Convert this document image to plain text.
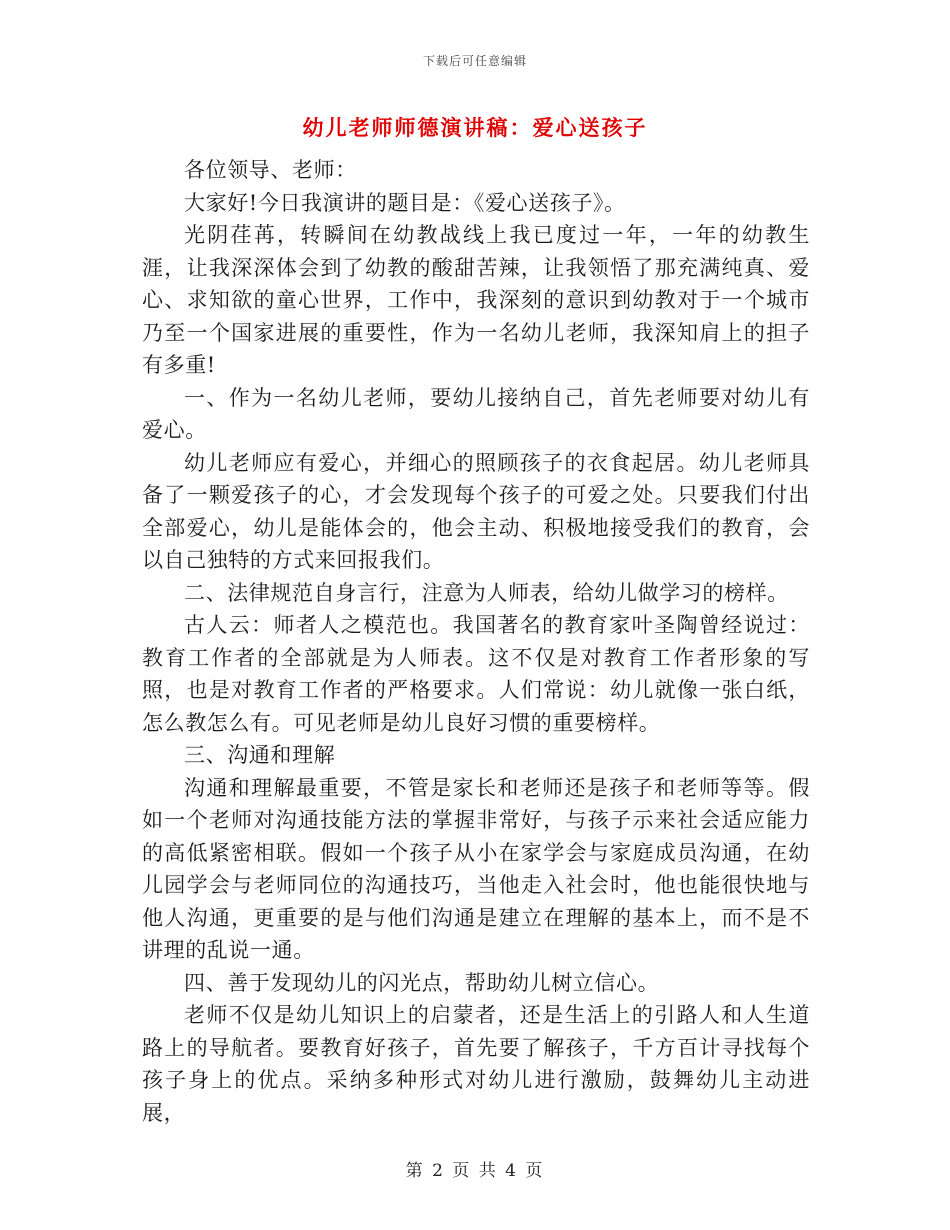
下载后可任意编辑
幼儿老师师德演讲稿：爱心送孩子

各位领导、老师：

大家好!今日我演讲的题目是：《爱心送孩子》。

光阴荏苒，转瞬间在幼教战线上我已度过一年，一年的幼教生涯，让我深深体会到了幼教的酸甜苦辣，让我领悟了那充满纯真、爱心、求知欲的童心世界，工作中，我深刻的意识到幼教对于一个城市乃至一个国家进展的重要性，作为一名幼儿老师，我深知肩上的担子有多重!

一、作为一名幼儿老师，要幼儿接纳自己，首先老师要对幼儿有爱心。

幼儿老师应有爱心，并细心的照顾孩子的衣食起居。幼儿老师具备了一颗爱孩子的心，才会发现每个孩子的可爱之处。只要我们付出全部爱心，幼儿是能体会的，他会主动、积极地接受我们的教育，会以自己独特的方式来回报我们。

二、法律规范自身言行，注意为人师表，给幼儿做学习的榜样。

古人云：师者人之模范也。我国著名的教育家叶圣陶曾经说过：教育工作者的全部就是为人师表。这不仅是对教育工作者形象的写照，也是对教育工作者的严格要求。人们常说：幼儿就像一张白纸，怎么教怎么有。可见老师是幼儿良好习惯的重要榜样。

三、沟通和理解

沟通和理解最重要，不管是家长和老师还是孩子和老师等等。假如一个老师对沟通技能方法的掌握非常好，与孩子示来社会适应能力的高低紧密相联。假如一个孩子从小在家学会与家庭成员沟通，在幼儿园学会与老师同位的沟通技巧，当他走入社会时，他也能很快地与他人沟通，更重要的是与他们沟通是建立在理解的基本上，而不是不讲理的乱说一通。

四、善于发现幼儿的闪光点，帮助幼儿树立信心。

老师不仅是幼儿知识上的启蒙者，还是生活上的引路人和人生道路上的导航者。要教育好孩子，首先要了解孩子，千方百计寻找每个孩子身上的优点。采纳多种形式对幼儿进行激励，鼓舞幼儿主动进展，

第 2 页 共 4 页
